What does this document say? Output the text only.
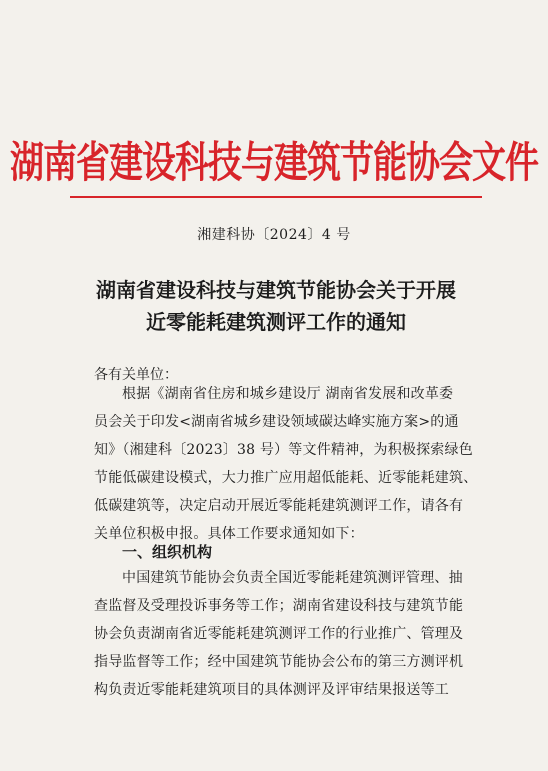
湖南省建设科技与建筑节能协会文件
湘建科协〔2024〕4 号
湖南省建设科技与建筑节能协会关于开展
近零能耗建筑测评工作的通知
各有关单位：
根据《湖南省住房和城乡建设厅 湖南省发展和改革委
员会关于印发<湖南省城乡建设领域碳达峰实施方案>的通
知》（湘建科〔2023〕38 号）等文件精神，为积极探索绿色
节能低碳建设模式，大力推广应用超低能耗、近零能耗建筑、
低碳建筑等，决定启动开展近零能耗建筑测评工作，请各有
关单位积极申报。具体工作要求通知如下：
一、组织机构
中国建筑节能协会负责全国近零能耗建筑测评管理、抽
查监督及受理投诉事务等工作；湖南省建设科技与建筑节能
协会负责湖南省近零能耗建筑测评工作的行业推广、管理及
指导监督等工作；经中国建筑节能协会公布的第三方测评机
构负责近零能耗建筑项目的具体测评及评审结果报送等工
